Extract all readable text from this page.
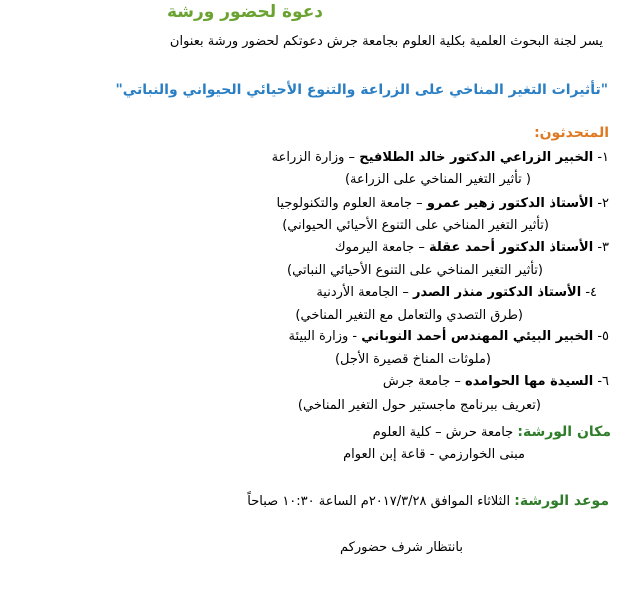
دعوة لحضور ورشة
يسر لجنة البحوث العلمية بكلية العلوم بجامعة جرش دعوتكم لحضور ورشة بعنوان
"تأثيرات التغير المناخي على الزراعة والتنوع الأحيائي الحيواني والنباتي"
المتحدثون:
١- الخبير الزراعي الدكتور خالد الطلافيح – وزارة الزراعة
( تأثير التغير المناخي على الزراعة)
٢- الأستاذ الدكتور زهير عمرو – جامعة العلوم والتكنولوجيا
(تأثير التغير المناخي على التنوع الأحيائي الحيواني)
٣- الأستاذ الدكتور أحمد عقلة – جامعة اليرموك
(تأثير التغير المناخي على التنوع الأحيائي النباتي)
٤- الأستاذ الدكتور منذر الصدر – الجامعة الأردنية
(طرق التصدي والتعامل مع التغير المناخي)
٥- الخبير البيئي المهندس أحمد النوباني - وزارة البيئة
(ملوثات المناخ قصيرة الأجل)
٦- السيدة مها الحوامده – جامعة جرش
(تعريف ببرنامج ماجستير حول التغير المناخي)
مكان الورشة: جامعة حرش – كلية العلوم
مبنى الخوارزمي - قاعة إبن العوام
موعد الورشة: الثلاثاء الموافق ٢٠١٧/٣/٢٨م الساعة ١٠:٣٠ صباحاً
بانتظار شرف حضوركم
